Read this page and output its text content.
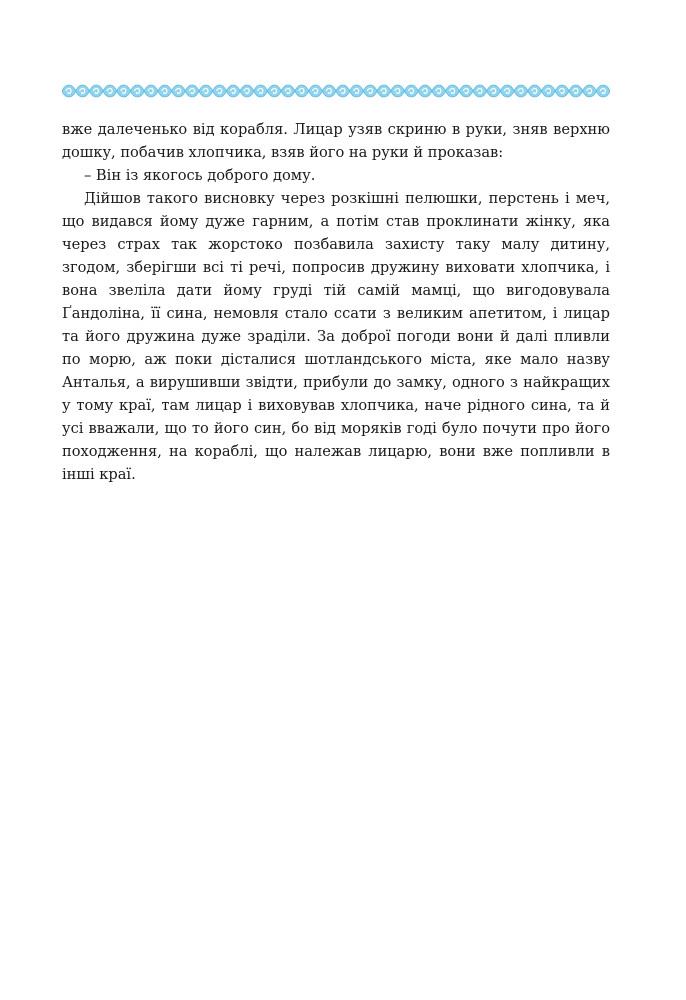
вже далеченько від корабля. Лицар узяв скриню в руки, зняв верхню дошку, побачив хлопчика, взяв його на руки й проказав:

– Він із якогось доброго дому.

Дійшов такого висновку через розкішні пелюшки, перстень і меч, що видався йому дуже гарним, а потім став проклинати жінку, яка через страх так жорстоко позбавила захисту таку малу дитину, згодом, зберігши всі ті речі, попросив дружину виховати хлопчика, і вона звеліла дати йому груді тій самій мамці, що вигодовувала Ґандоліна, її сина, немовля стало ссати з великим апетитом, і лицар та його дружина дуже зраділи. За доброї погоди вони й далі пливли по морю, аж поки дісталися шотландського міста, яке мало назву Анталья, а вирушивши звідти, прибули до замку, одного з найкращих у тому краї, там лицар і виховував хлопчика, наче рідного сина, та й усі вважали, що то його син, бо від моряків годі було почути про його походження, на кораблі, що належав лицарю, вони вже попливли в інші краї.
